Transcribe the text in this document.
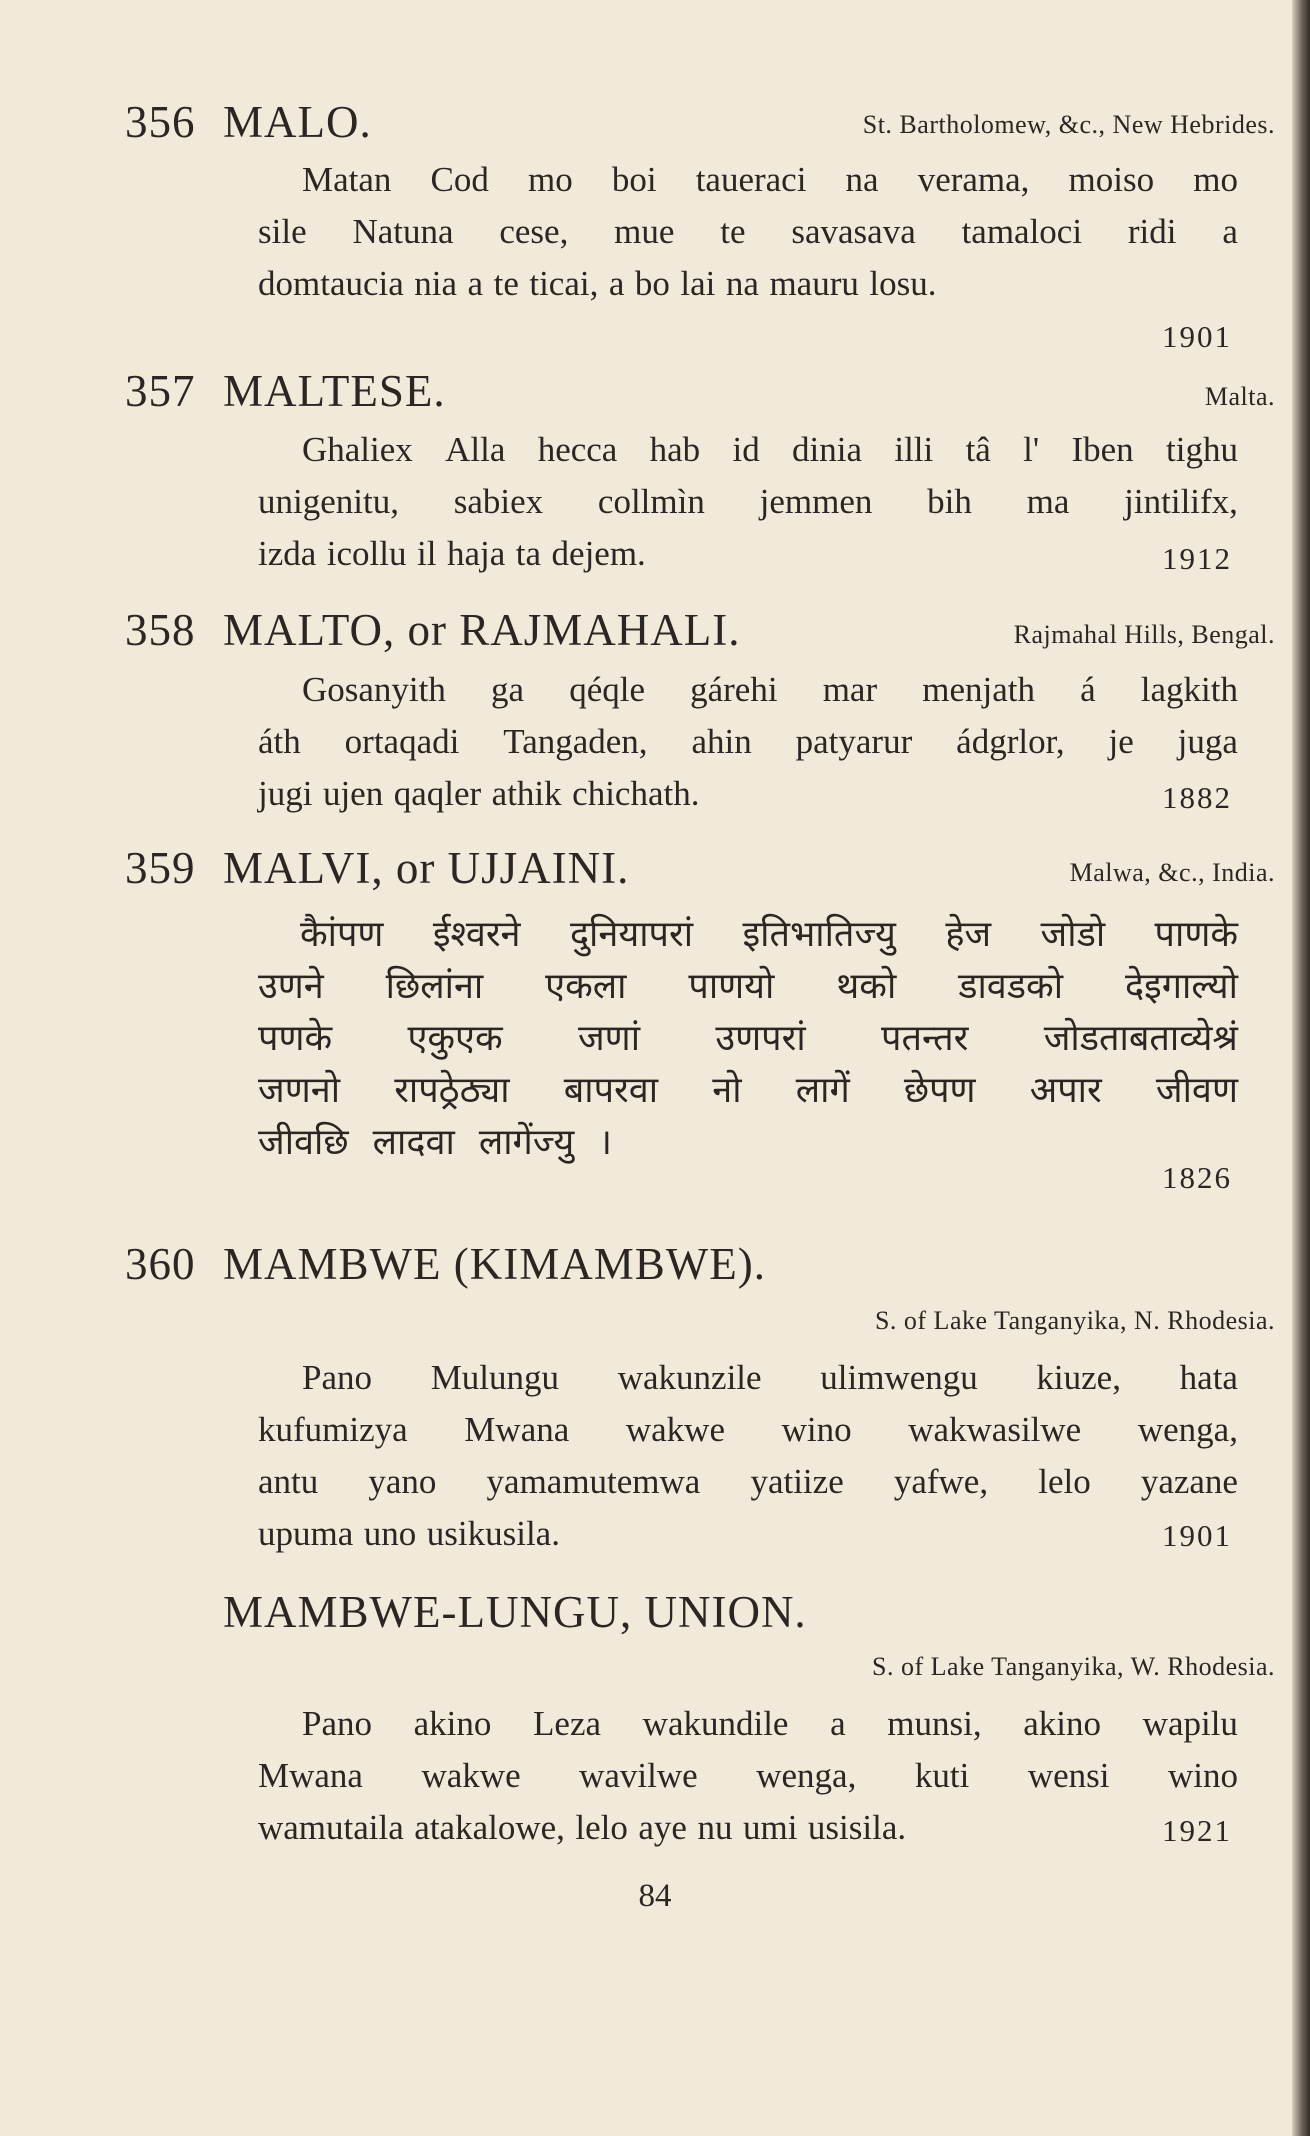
356 MALO.	St. Bartholomew, &c., New Hebrides.
Matan Cod mo boi taueraci na verama, moiso mo
sile Natuna cese, mue te savasava tamaloci ridi a
domtaucia nia a te ticai, a bo lai na mauru losu.
1901
357 MALTESE.	Malta.
Ghaliex Alla hecca hab id dinia illi tâ l' Iben tighu
unigenitu, sabiex collmìn jemmen bih ma jintilifx,
izda icollu il haja ta dejem.	1912
358 MALTO, or RAJMAHALI.	Rajmahal Hills, Bengal.
Gosanyith ga qéqle gárehi mar menjath á lagkith
áth ortaqadi Tangaden, ahin patyarur ádgrlor, je juga
jugi ujen qaqler athik chichath.	1882
359 MALVI, or UJJAINI.	Malwa, &c., India.
कैांपण ईश्वरने दुनियापरां इतिभातिज्यु हेज जोडो पाणके
उणने छिलांना एकला पाणयो थको डावडको देइगाल्यो
पणके एकुएक जणां उणपरां पतन्तर जोडताबताव्येश्रं
जणनो रापठ्रेठ्या बापरवा नो लागें छेपण अपार जीवण
जीवछि लादवा लागेंज्यु ।
1826
360 MAMBWE (KIMAMBWE).
S. of Lake Tanganyika, N. Rhodesia.
Pano Mulungu wakunzile ulimwengu kiuze, hata
kufumizya Mwana wakwe wino wakwasilwe wenga,
antu yano yamamutemwa yatiize yafwe, lelo yazane
upuma uno usikusila.	1901
MAMBWE-LUNGU, UNION.
S. of Lake Tanganyika, W. Rhodesia.
Pano akino Leza wakundile a munsi, akino wapilu
Mwana wakwe wavilwe wenga, kuti wensi wino
wamutaila atakalowe, lelo aye nu umi usisila.	1921
84
